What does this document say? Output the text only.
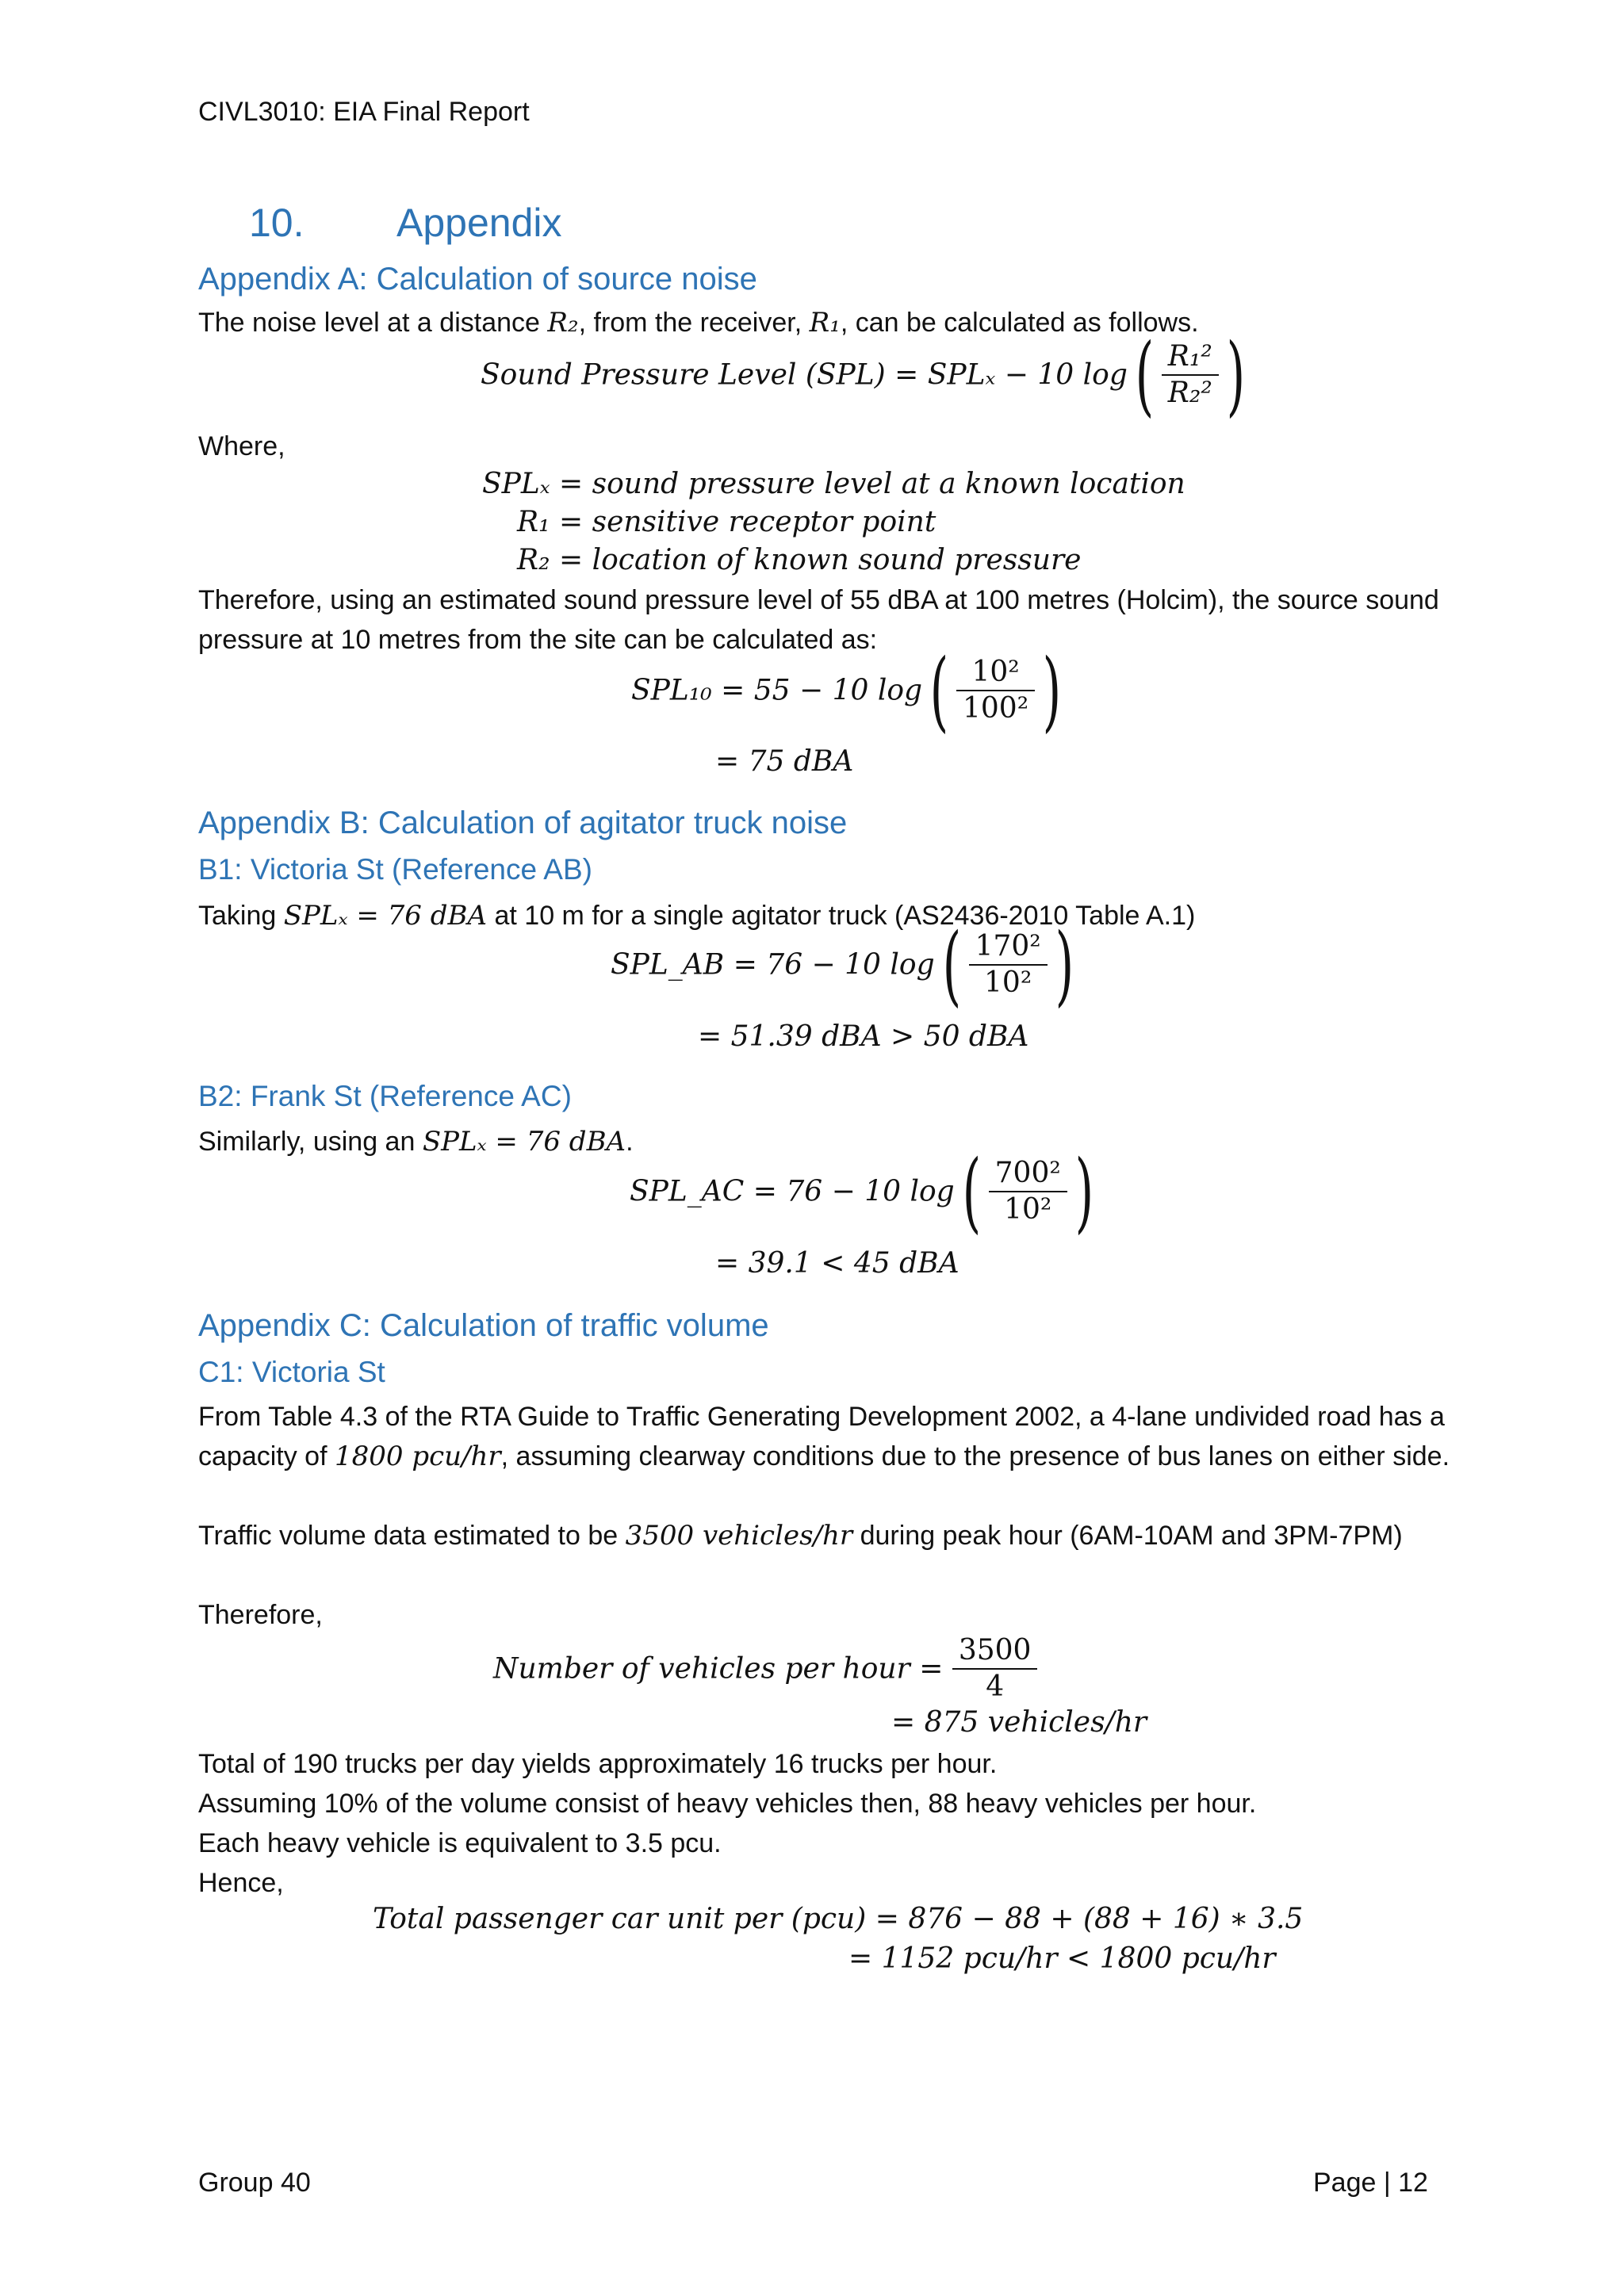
CIVL3010: EIA Final Report
10. Appendix
Appendix A: Calculation of source noise
The noise level at a distance R₂, from the receiver, R₁, can be calculated as follows.
Sound Pressure Level (SPL) = SPLₓ − 10 $\log( \frac{\text{R₁²}}{\text{R₂²}}$ )
Where,
SPLₓ = sound pressure level at a known location
R₁ = sensitive receptor point
R₂ = location of known sound pressure
Therefore, using an estimated sound pressure level of 55 dBA at 100 metres (Holcim), the source sound pressure at 10 metres from the site can be calculated as:
SPL₁₀ = 55 − 10 $\log( \frac{\text{10²}}{\text{100²}}$ )
= 75 dBA
Appendix B: Calculation of agitator truck noise
B1: Victoria St (Reference AB)
Taking SPLₓ = 76 dBA at 10 m for a single agitator truck (AS2436-2010 Table A.1)
SPL_AB = 76 − 10 $\log( \frac{\text{170²}}{\text{10²}}$ )
= 51.39 dBA > 50 dBA
B2: Frank St (Reference AC)
Similarly, using an SPLₓ = 76 dBA.
SPL_AC = 76 − 10 $\log( \frac{\text{700²}}{\text{10²}}$ )
= 39.1 < 45 dBA
Appendix C: Calculation of traffic volume
C1: Victoria St
From Table 4.3 of the RTA Guide to Traffic Generating Development 2002, a 4-lane undivided road has a capacity of 1800 pcu/hr, assuming clearway conditions due to the presence of bus lanes on either side.
Traffic volume data estimated to be 3500 vehicles/hr during peak hour (6AM-10AM and 3PM-7PM)
Therefore,
Number of vehicles per hour = $\frac{3500}{4}$
= 875 vehicles/hr
Total of 190 trucks per day yields approximately 16 trucks per hour.
Assuming 10% of the volume consist of heavy vehicles then, 88 heavy vehicles per hour.
Each heavy vehicle is equivalent to 3.5 pcu.
Hence,
Total passenger car unit per (pcu) = 876 − 88 + (88 + 16) ∗ 3.5
= 1152 pcu/hr < 1800 pcu/hr
Group 40	Page | 12
